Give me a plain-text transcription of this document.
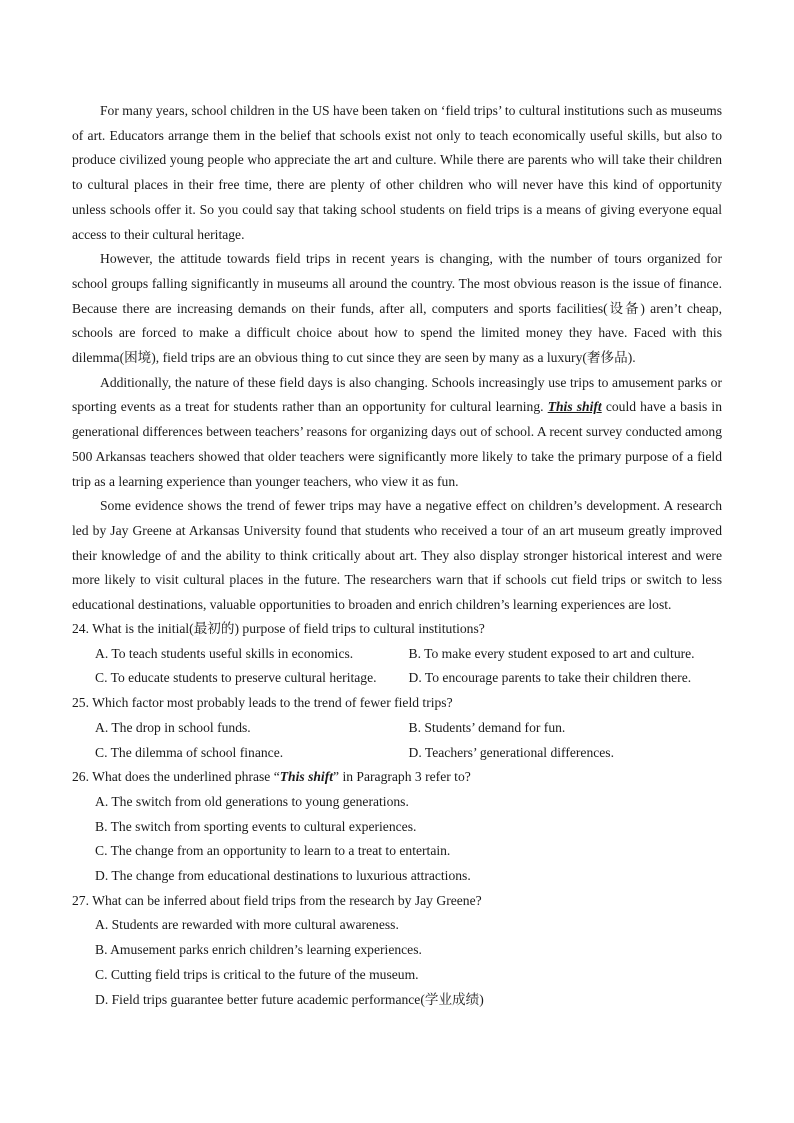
For many years, school children in the US have been taken on ‘field trips’ to cultural institutions such as museums of art. Educators arrange them in the belief that schools exist not only to teach economically useful skills, but also to produce civilized young people who appreciate the art and culture. While there are parents who will take their children to cultural places in their free time, there are plenty of other children who will never have this kind of opportunity unless schools offer it. So you could say that taking school students on field trips is a means of giving everyone equal access to their cultural heritage.

However, the attitude towards field trips in recent years is changing, with the number of tours organized for school groups falling significantly in museums all around the country. The most obvious reason is the issue of finance. Because there are increasing demands on their funds, after all, computers and sports facilities(设备) aren’t cheap, schools are forced to make a difficult choice about how to spend the limited money they have. Faced with this dilemma(困境), field trips are an obvious thing to cut since they are seen by many as a luxury(奢侈品).

Additionally, the nature of these field days is also changing. Schools increasingly use trips to amusement parks or sporting events as a treat for students rather than an opportunity for cultural learning. This shift could have a basis in generational differences between teachers’ reasons for organizing days out of school. A recent survey conducted among 500 Arkansas teachers showed that older teachers were significantly more likely to take the primary purpose of a field trip as a learning experience than younger teachers, who view it as fun.

Some evidence shows the trend of fewer trips may have a negative effect on children’s development. A research led by Jay Greene at Arkansas University found that students who received a tour of an art museum greatly improved their knowledge of and the ability to think critically about art. They also display stronger historical interest and were more likely to visit cultural places in the future. The researchers warn that if schools cut field trips or switch to less educational destinations, valuable opportunities to broaden and enrich children’s learning experiences are lost.

24. What is the initial(最初的) purpose of field trips to cultural institutions?

A. To teach students useful skills in economics.	B. To make every student exposed to art and culture.
C. To educate students to preserve cultural heritage.	D. To encourage parents to take their children there.

25. Which factor most probably leads to the trend of fewer field trips?

A. The drop in school funds.	B. Students’ demand for fun.
C. The dilemma of school finance.	D. Teachers’ generational differences.

26. What does the underlined phrase “This shift” in Paragraph 3 refer to?

A. The switch from old generations to young generations.
B. The switch from sporting events to cultural experiences.
C. The change from an opportunity to learn to a treat to entertain.
D. The change from educational destinations to luxurious attractions.

27. What can be inferred about field trips from the research by Jay Greene?

A. Students are rewarded with more cultural awareness.
B. Amusement parks enrich children’s learning experiences.
C. Cutting field trips is critical to the future of the museum.
D. Field trips guarantee better future academic performance(学业成绩)
